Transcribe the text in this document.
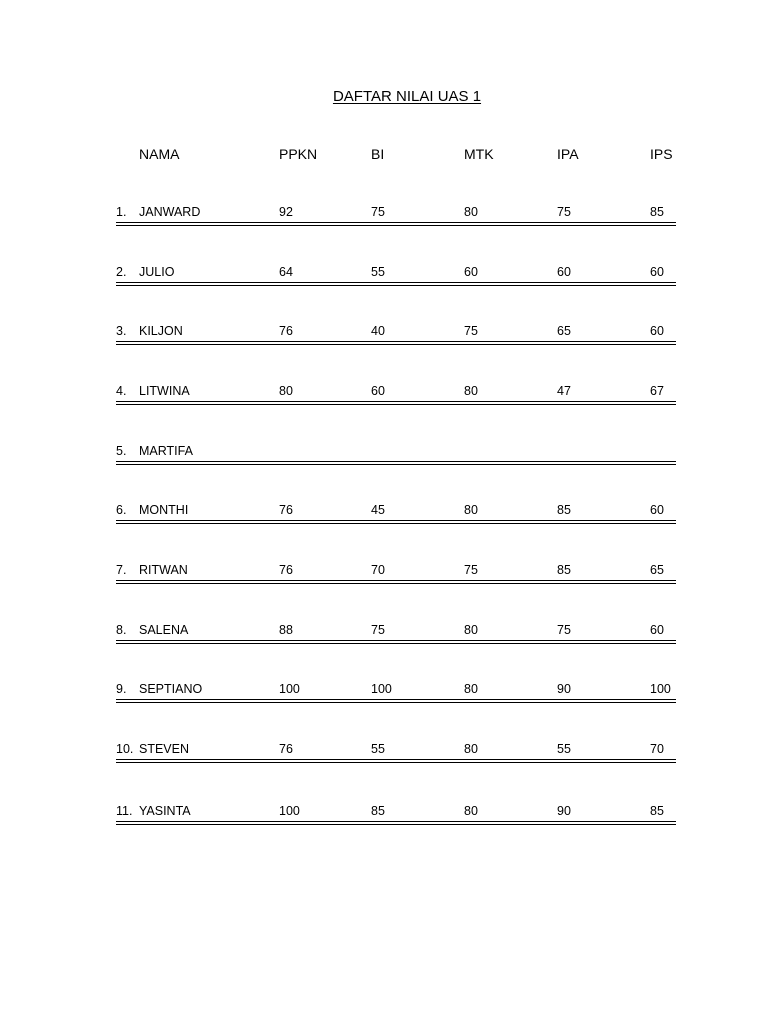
DAFTAR NILAI UAS 1
NAMA	PPKN	BI	MTK	IPA	IPS
1. JANWARD	92	75	80	75	85
2. JULIO	64	55	60	60	60
3. KILJON	76	40	75	65	60
4. LITWINA	80	60	80	47	67
5. MARTIFA
6. MONTHI	76	45	80	85	60
7. RITWAN	76	70	75	85	65
8. SALENA	88	75	80	75	60
9. SEPTIANO	100	100	80	90	100
10. STEVEN	76	55	80	55	70
11. YASINTA	100	85	80	90	85
